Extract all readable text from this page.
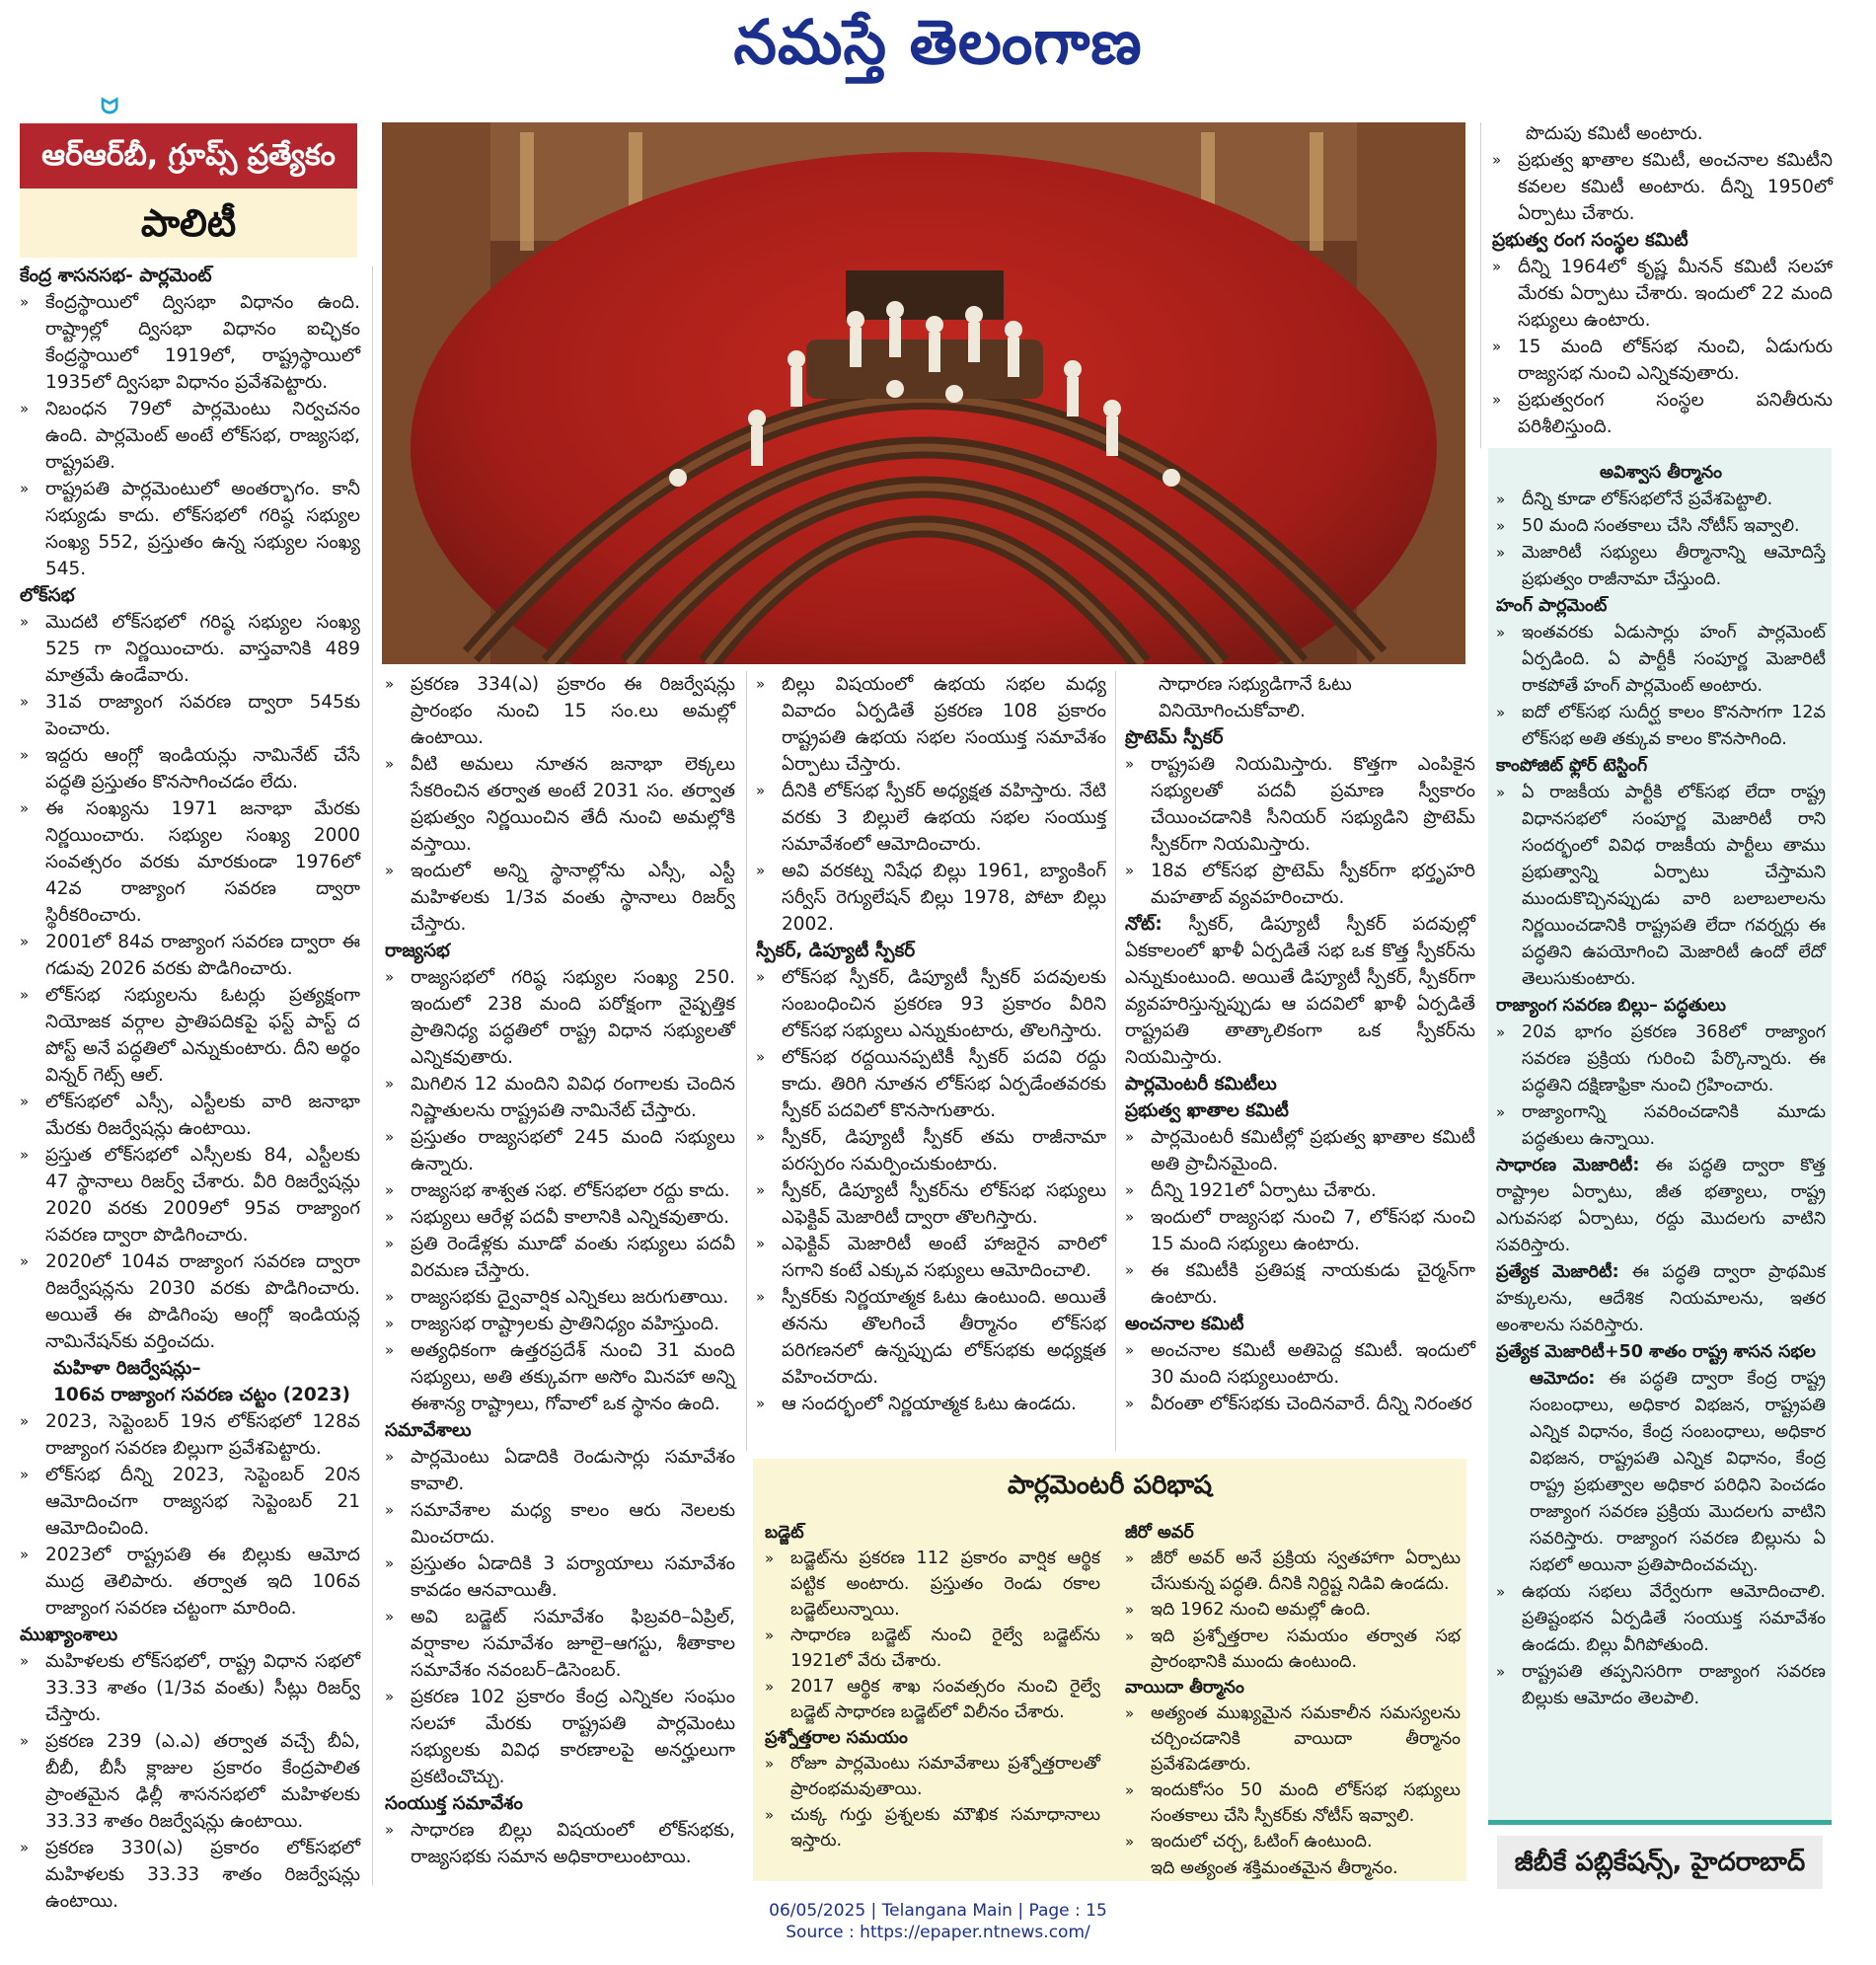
నమస్తే తెలంగాణ
ᗢ
ఆర్ఆర్‌బీ, గ్రూప్స్ ప్రత్యేకం
పాలిటీ

కేంద్ర శాసనసభ- పార్లమెంట్

» కేంద్రస్థాయిలో ద్విసభా విధానం ఉంది. రాష్ట్రాల్లో ద్విసభా విధానం ఐచ్ఛికం కేంద్రస్థాయిలో 1919లో, రాష్ట్రస్థాయిలో 1935లో ద్విసభా విధానం ప్రవేశపెట్టారు.
» నిబంధన 79లో పార్లమెంటు నిర్వచనం ఉంది. పార్లమెంట్ అంటే లోక్‌సభ, రాజ్యసభ, రాష్ట్రపతి.
» రాష్ట్రపతి పార్లమెంటులో అంతర్భాగం. కానీ సభ్యుడు కాదు. లోక్‌సభలో గరిష్ఠ సభ్యుల సంఖ్య 552, ప్రస్తుతం ఉన్న సభ్యుల సంఖ్య 545.

లోక్‌సభ

» మొదటి లోక్‌సభలో గరిష్ఠ సభ్యుల సంఖ్య 525 గా నిర్ణయించారు. వాస్తవానికి 489 మాత్రమే ఉండేవారు.
» 31వ రాజ్యాంగ సవరణ ద్వారా 545కు పెంచారు.
» ఇద్దరు ఆంగ్లో ఇండియన్లు నామినేట్ చేసే పద్ధతి ప్రస్తుతం కొనసాగించడం లేదు.
» ఈ సంఖ్యను 1971 జనాభా మేరకు నిర్ణయించారు. సభ్యుల సంఖ్య 2000 సంవత్సరం వరకు మారకుండా 1976లో 42వ రాజ్యాంగ సవరణ ద్వారా స్థిరీకరించారు.
» 2001లో 84వ రాజ్యాంగ సవరణ ద్వారా ఈ గడువు 2026 వరకు పొడిగించారు.
» లోక్‌సభ సభ్యులను ఓటర్లు ప్రత్యక్షంగా నియోజక వర్గాల ప్రాతిపదికపై ఫస్ట్ పాస్ట్ ద పోస్ట్ అనే పద్ధతిలో ఎన్నుకుంటారు. దీని అర్థం విన్నర్ గెట్స్ ఆల్.
» లోక్‌సభలో ఎస్సీ, ఎస్టీలకు వారి జనాభా మేరకు రిజర్వేషన్లు ఉంటాయి.
» ప్రస్తుత లోక్‌సభలో ఎస్సీలకు 84, ఎస్టీలకు 47 స్థానాలు రిజర్వ్ చేశారు. వీరి రిజర్వేషన్లు 2020 వరకు 2009లో 95వ రాజ్యాంగ సవరణ ద్వారా పొడిగించారు.
» 2020లో 104వ రాజ్యాంగ సవరణ ద్వారా రిజర్వేషన్లను 2030 వరకు పొడిగించారు. అయితే ఈ పొడిగింపు ఆంగ్లో ఇండియన్ల నామినేషన్‌కు వర్తించదు.

మహిళా రిజర్వేషన్లు–

106వ రాజ్యాంగ సవరణ చట్టం (2023)

» 2023, సెప్టెంబర్ 19న లోక్‌సభలో 128వ రాజ్యాంగ సవరణ బిల్లుగా ప్రవేశపెట్టారు.
» లోక్‌సభ దీన్ని 2023, సెప్టెంబర్ 20న ఆమోదించగా రాజ్యసభ సెప్టెంబర్ 21 ఆమోదించింది.
» 2023లో రాష్ట్రపతి ఈ బిల్లుకు ఆమోద ముద్ర తెలిపారు. తర్వాత ఇది 106వ రాజ్యాంగ సవరణ చట్టంగా మారింది.

ముఖ్యాంశాలు

» మహిళలకు లోక్‌సభలో, రాష్ట్ర విధాన సభలో 33.33 శాతం (1/3వ వంతు) సీట్లు రిజర్వ్ చేస్తారు.
» ప్రకరణ 239 (ఎ.ఎ) తర్వాత వచ్చే బీఏ, బీబీ, బీసీ క్లాజుల ప్రకారం కేంద్రపాలిత ప్రాంతమైన ఢిల్లీ శాసనసభలో మహిళలకు 33.33 శాతం రిజర్వేషన్లు ఉంటాయి.
» ప్రకరణ 330(ఎ) ప్రకారం లోక్‌సభలో మహిళలకు 33.33 శాతం రిజర్వేషన్లు ఉంటాయి.
» ప్రకరణ 334(ఎ) ప్రకారం ఈ రిజర్వేషన్లు ప్రారంభం నుంచి 15 సం.లు అమల్లో ఉంటాయి.
» వీటి అమలు నూతన జనాభా లెక్కలు సేకరించిన తర్వాత అంటే 2031 సం. తర్వాత ప్రభుత్వం నిర్ణయించిన తేదీ నుంచి అమల్లోకి వస్తాయి.
» ఇందులో అన్ని స్థానాల్లోను ఎస్సీ, ఎస్టీ మహిళలకు 1/3వ వంతు స్థానాలు రిజర్వ్ చేస్తారు.

రాజ్యసభ

» రాజ్యసభలో గరిష్ఠ సభ్యుల సంఖ్య 250. ఇందులో 238 మంది పరోక్షంగా నైష్పత్తిక ప్రాతినిధ్య పద్ధతిలో రాష్ట్ర విధాన సభ్యులతో ఎన్నికవుతారు.
» మిగిలిన 12 మందిని వివిధ రంగాలకు చెందిన నిష్ణాతులను రాష్ట్రపతి నామినేట్ చేస్తారు.
» ప్రస్తుతం రాజ్యసభలో 245 మంది సభ్యులు ఉన్నారు.
» రాజ్యసభ శాశ్వత సభ. లోక్‌సభలా రద్దు కాదు.
» సభ్యులు ఆరేళ్ల పదవీ కాలానికి ఎన్నికవుతారు.
» ప్రతి రెండేళ్లకు మూడో వంతు సభ్యులు పదవీ విరమణ చేస్తారు.
» రాజ్యసభకు ద్వైవార్షిక ఎన్నికలు జరుగుతాయి.
» రాజ్యసభ రాష్ట్రాలకు ప్రాతినిధ్యం వహిస్తుంది.
» అత్యధికంగా ఉత్తరప్రదేశ్ నుంచి 31 మంది సభ్యులు, అతి తక్కువగా అసోం మినహా అన్ని ఈశాన్య రాష్ట్రాలు, గోవాలో ఒక స్థానం ఉంది.

సమావేశాలు

» పార్లమెంటు ఏడాదికి రెండుసార్లు సమావేశం కావాలి.
» సమావేశాల మధ్య కాలం ఆరు నెలలకు మించరాదు.
» ప్రస్తుతం ఏడాదికి 3 పర్యాయాలు సమావేశం కావడం ఆనవాయితీ.
» అవి బడ్జెట్ సమావేశం ఫిబ్రవరి–ఏప్రిల్, వర్షాకాల సమావేశం జూలై–ఆగస్టు, శీతాకాల సమావేశం నవంబర్–డిసెంబర్.
» ప్రకరణ 102 ప్రకారం కేంద్ర ఎన్నికల సంఘం సలహా మేరకు రాష్ట్రపతి పార్లమెంటు సభ్యులకు వివిధ కారణాలపై అనర్హులుగా ప్రకటించొచ్చు.

సంయుక్త సమావేశం

» సాధారణ బిల్లు విషయంలో లోక్‌సభకు, రాజ్యసభకు సమాన అధికారాలుంటాయి.
» బిల్లు విషయంలో ఉభయ సభల మధ్య వివాదం ఏర్పడితే ప్రకరణ 108 ప్రకారం రాష్ట్రపతి ఉభయ సభల సంయుక్త సమావేశం ఏర్పాటు చేస్తారు.
» దీనికి లోక్‌సభ స్పీకర్ అధ్యక్షత వహిస్తారు. నేటి వరకు 3 బిల్లులే ఉభయ సభల సంయుక్త సమావేశంలో ఆమోదించారు.
» అవి వరకట్న నిషేధ బిల్లు 1961, బ్యాంకింగ్ సర్వీస్ రెగ్యులేషన్ బిల్లు 1978, పోటా బిల్లు 2002.

స్పీకర్, డిప్యూటీ స్పీకర్

» లోక్‌సభ స్పీకర్, డిప్యూటీ స్పీకర్ పదవులకు సంబంధించిన ప్రకరణ 93 ప్రకారం వీరిని లోక్‌సభ సభ్యులు ఎన్నుకుంటారు, తొలగిస్తారు.
» లోక్‌సభ రద్దయినప్పటికీ స్పీకర్ పదవి రద్దు కాదు. తిరిగి నూతన లోక్‌సభ ఏర్పడేంతవరకు స్పీకర్ పదవిలో కొనసాగుతారు.
» స్పీకర్, డిప్యూటీ స్పీకర్ తమ రాజీనామా పరస్పరం సమర్పించుకుంటారు.
» స్పీకర్, డిప్యూటీ స్పీకర్‌ను లోక్‌సభ సభ్యులు ఎఫెక్టివ్ మెజారిటీ ద్వారా తొలగిస్తారు.
» ఎఫెక్టివ్ మెజారిటీ అంటే హాజరైన వారిలో సగాని కంటే ఎక్కువ సభ్యులు ఆమోదించాలి.
» స్పీకర్‌కు నిర్ణయాత్మక ఓటు ఉంటుంది. అయితే తనను తొలగించే తీర్మానం లోక్‌సభ పరిగణనలో ఉన్నప్పుడు లోక్‌సభకు అధ్యక్షత వహించరాదు.
» ఆ సందర్భంలో నిర్ణయాత్మక ఓటు ఉండదు.

సాధారణ సభ్యుడిగానే ఓటు వినియోగించుకోవాలి.

ప్రొటెమ్ స్పీకర్

» రాష్ట్రపతి నియమిస్తారు. కొత్తగా ఎంపికైన సభ్యులతో పదవీ ప్రమాణ స్వీకారం చేయించడానికి సీనియర్ సభ్యుడిని ప్రొటెమ్ స్పీకర్‌గా నియమిస్తారు.
» 18వ లోక్‌సభ ప్రొటెమ్ స్పీకర్‌గా భర్తృహరి మహతాబ్ వ్యవహరించారు.

నోట్: స్పీకర్, డిప్యూటీ స్పీకర్ పదవుల్లో ఏకకాలంలో ఖాళీ ఏర్పడితే సభ ఒక కొత్త స్పీకర్‌ను ఎన్నుకుంటుంది. అయితే డిప్యూటీ స్పీకర్, స్పీకర్‌గా వ్యవహరిస్తున్నప్పుడు ఆ పదవిలో ఖాళీ ఏర్పడితే రాష్ట్రపతి తాత్కాలికంగా ఒక స్పీకర్‌ను నియమిస్తారు.

పార్లమెంటరీ కమిటీలు

ప్రభుత్వ ఖాతాల కమిటీ

» పార్లమెంటరీ కమిటీల్లో ప్రభుత్వ ఖాతాల కమిటీ అతి ప్రాచీనమైంది.
» దీన్ని 1921లో ఏర్పాటు చేశారు.
» ఇందులో రాజ్యసభ నుంచి 7, లోక్‌సభ నుంచి 15 మంది సభ్యులు ఉంటారు.
» ఈ కమిటీకి ప్రతిపక్ష నాయకుడు చైర్మన్‌గా ఉంటారు.

అంచనాల కమిటీ

» అంచనాల కమిటీ అతిపెద్ద కమిటీ. ఇందులో 30 మంది సభ్యులుంటారు.
» వీరంతా లోక్‌సభకు చెందినవారే. దీన్ని నిరంతర

పొదుపు కమిటీ అంటారు.

» ప్రభుత్వ ఖాతాల కమిటీ, అంచనాల కమిటీని కవలల కమిటీ అంటారు. దీన్ని 1950లో ఏర్పాటు చేశారు.

ప్రభుత్వ రంగ సంస్థల కమిటీ

» దీన్ని 1964లో కృష్ణ మీనన్ కమిటీ సలహా మేరకు ఏర్పాటు చేశారు. ఇందులో 22 మంది సభ్యులు ఉంటారు.
» 15 మంది లోక్‌సభ నుంచి, ఏడుగురు రాజ్యసభ నుంచి ఎన్నికవుతారు.
» ప్రభుత్వరంగ సంస్థల పనితీరును పరిశీలిస్తుంది.

అవిశ్వాస తీర్మానం

» దీన్ని కూడా లోక్‌సభలోనే ప్రవేశపెట్టాలి.
» 50 మంది సంతకాలు చేసి నోటీస్ ఇవ్వాలి.
» మెజారిటీ సభ్యులు తీర్మానాన్ని ఆమోదిస్తే ప్రభుత్వం రాజీనామా చేస్తుంది.

హంగ్ పార్లమెంట్

» ఇంతవరకు ఏడుసార్లు హంగ్ పార్లమెంట్ ఏర్పడింది. ఏ పార్టీకీ సంపూర్ణ మెజారిటీ రాకపోతే హంగ్ పార్లమెంట్ అంటారు.
» ఐదో లోక్‌సభ సుదీర్ఘ కాలం కొనసాగగా 12వ లోక్‌సభ అతి తక్కువ కాలం కొనసాగింది.

కాంపోజిట్ ఫ్లోర్ టెస్టింగ్

» ఏ రాజకీయ పార్టీకి లోక్‌సభ లేదా రాష్ట్ర విధానసభలో సంపూర్ణ మెజారిటీ రాని సందర్భంలో వివిధ రాజకీయ పార్టీలు తాము ప్రభుత్వాన్ని ఏర్పాటు చేస్తామని ముందుకొచ్చినప్పుడు వారి బలాబలాలను నిర్ణయించడానికి రాష్ట్రపతి లేదా గవర్నర్లు ఈ పద్ధతిని ఉపయోగించి మెజారిటీ ఉందో లేదో తెలుసుకుంటారు.

రాజ్యాంగ సవరణ బిల్లు– పద్ధతులు

» 20వ భాగం ప్రకరణ 368లో రాజ్యాంగ సవరణ ప్రక్రియ గురించి పేర్కొన్నారు. ఈ పద్ధతిని దక్షిణాఫ్రికా నుంచి గ్రహించారు.
» రాజ్యాంగాన్ని సవరించడానికి మూడు పద్ధతులు ఉన్నాయి.

సాధారణ మెజారిటీ: ఈ పద్ధతి ద్వారా కొత్త రాష్ట్రాల ఏర్పాటు, జీత భత్యాలు, రాష్ట్ర ఎగువసభ ఏర్పాటు, రద్దు మొదలగు వాటిని సవరిస్తారు.

ప్రత్యేక మెజారిటీ: ఈ పద్ధతి ద్వారా ప్రాథమిక హక్కులను, ఆదేశిక నియమాలను, ఇతర అంశాలను సవరిస్తారు.

ప్రత్యేక మెజారిటీ+50 శాతం రాష్ట్ర శాసన సభల

ఆమోదం: ఈ పద్ధతి ద్వారా కేంద్ర రాష్ట్ర సంబంధాలు, అధికార విభజన, రాష్ట్రపతి ఎన్నిక విధానం, కేంద్ర సంబంధాలు, అధికార విభజన, రాష్ట్రపతి ఎన్నిక విధానం, కేంద్ర రాష్ట్ర ప్రభుత్వాల అధికార పరిధిని పెంచడం రాజ్యాంగ సవరణ ప్రక్రియ మొదలగు వాటిని సవరిస్తారు. రాజ్యాంగ సవరణ బిల్లును ఏ సభలో అయినా ప్రతిపాదించవచ్చు.

» ఉభయ సభలు వేర్వేరుగా ఆమోదించాలి. ప్రతిష్టంభన ఏర్పడితే సంయుక్త సమావేశం ఉండదు. బిల్లు వీగిపోతుంది.
» రాష్ట్రపతి తప్పనిసరిగా రాజ్యాంగ సవరణ బిల్లుకు ఆమోదం తెలపాలి.
పార్లమెంటరీ పరిభాష

బడ్జెట్

» బడ్జెట్‌ను ప్రకరణ 112 ప్రకారం వార్షిక ఆర్థిక పట్టిక అంటారు. ప్రస్తుతం రెండు రకాల బడ్జెట్‌లున్నాయి.
» సాధారణ బడ్జెట్ నుంచి రైల్వే బడ్జెట్‌ను 1921లో వేరు చేశారు.
» 2017 ఆర్థిక శాఖ సంవత్సరం నుంచి రైల్వే బడ్జెట్ సాధారణ బడ్జెట్‌లో విలీనం చేశారు.

ప్రశ్నోత్తరాల సమయం

» రోజూ పార్లమెంటు సమావేశాలు ప్రశ్నోత్తరాలతో ప్రారంభమవుతాయి.
» చుక్క గుర్తు ప్రశ్నలకు మౌఖిక సమాధానాలు ఇస్తారు.

జీరో అవర్

» జీరో అవర్ అనే ప్రక్రియ స్వతహాగా ఏర్పాటు చేసుకున్న పద్ధతి. దీనికి నిర్దిష్ట నిడివి ఉండదు.
» ఇది 1962 నుంచి అమల్లో ఉంది.
» ఇది ప్రశ్నోత్తరాల సమయం తర్వాత సభ ప్రారంభానికి ముందు ఉంటుంది.

వాయిదా తీర్మానం

» అత్యంత ముఖ్యమైన సమకాలీన సమస్యలను చర్చించడానికి వాయిదా తీర్మానం ప్రవేశపెడతారు.
» ఇందుకోసం 50 మంది లోక్‌సభ సభ్యులు సంతకాలు చేసి స్పీకర్‌కు నోటీస్ ఇవ్వాలి.
» ఇందులో చర్చ, ఓటింగ్ ఉంటుంది.

ఇది అత్యంత శక్తిమంతమైన తీర్మానం.	జీబీకే పబ్లికేషన్స్, హైదరాబాద్
06/05/2025 | Telangana Main | Page : 15
Source : https://epaper.ntnews.com/
